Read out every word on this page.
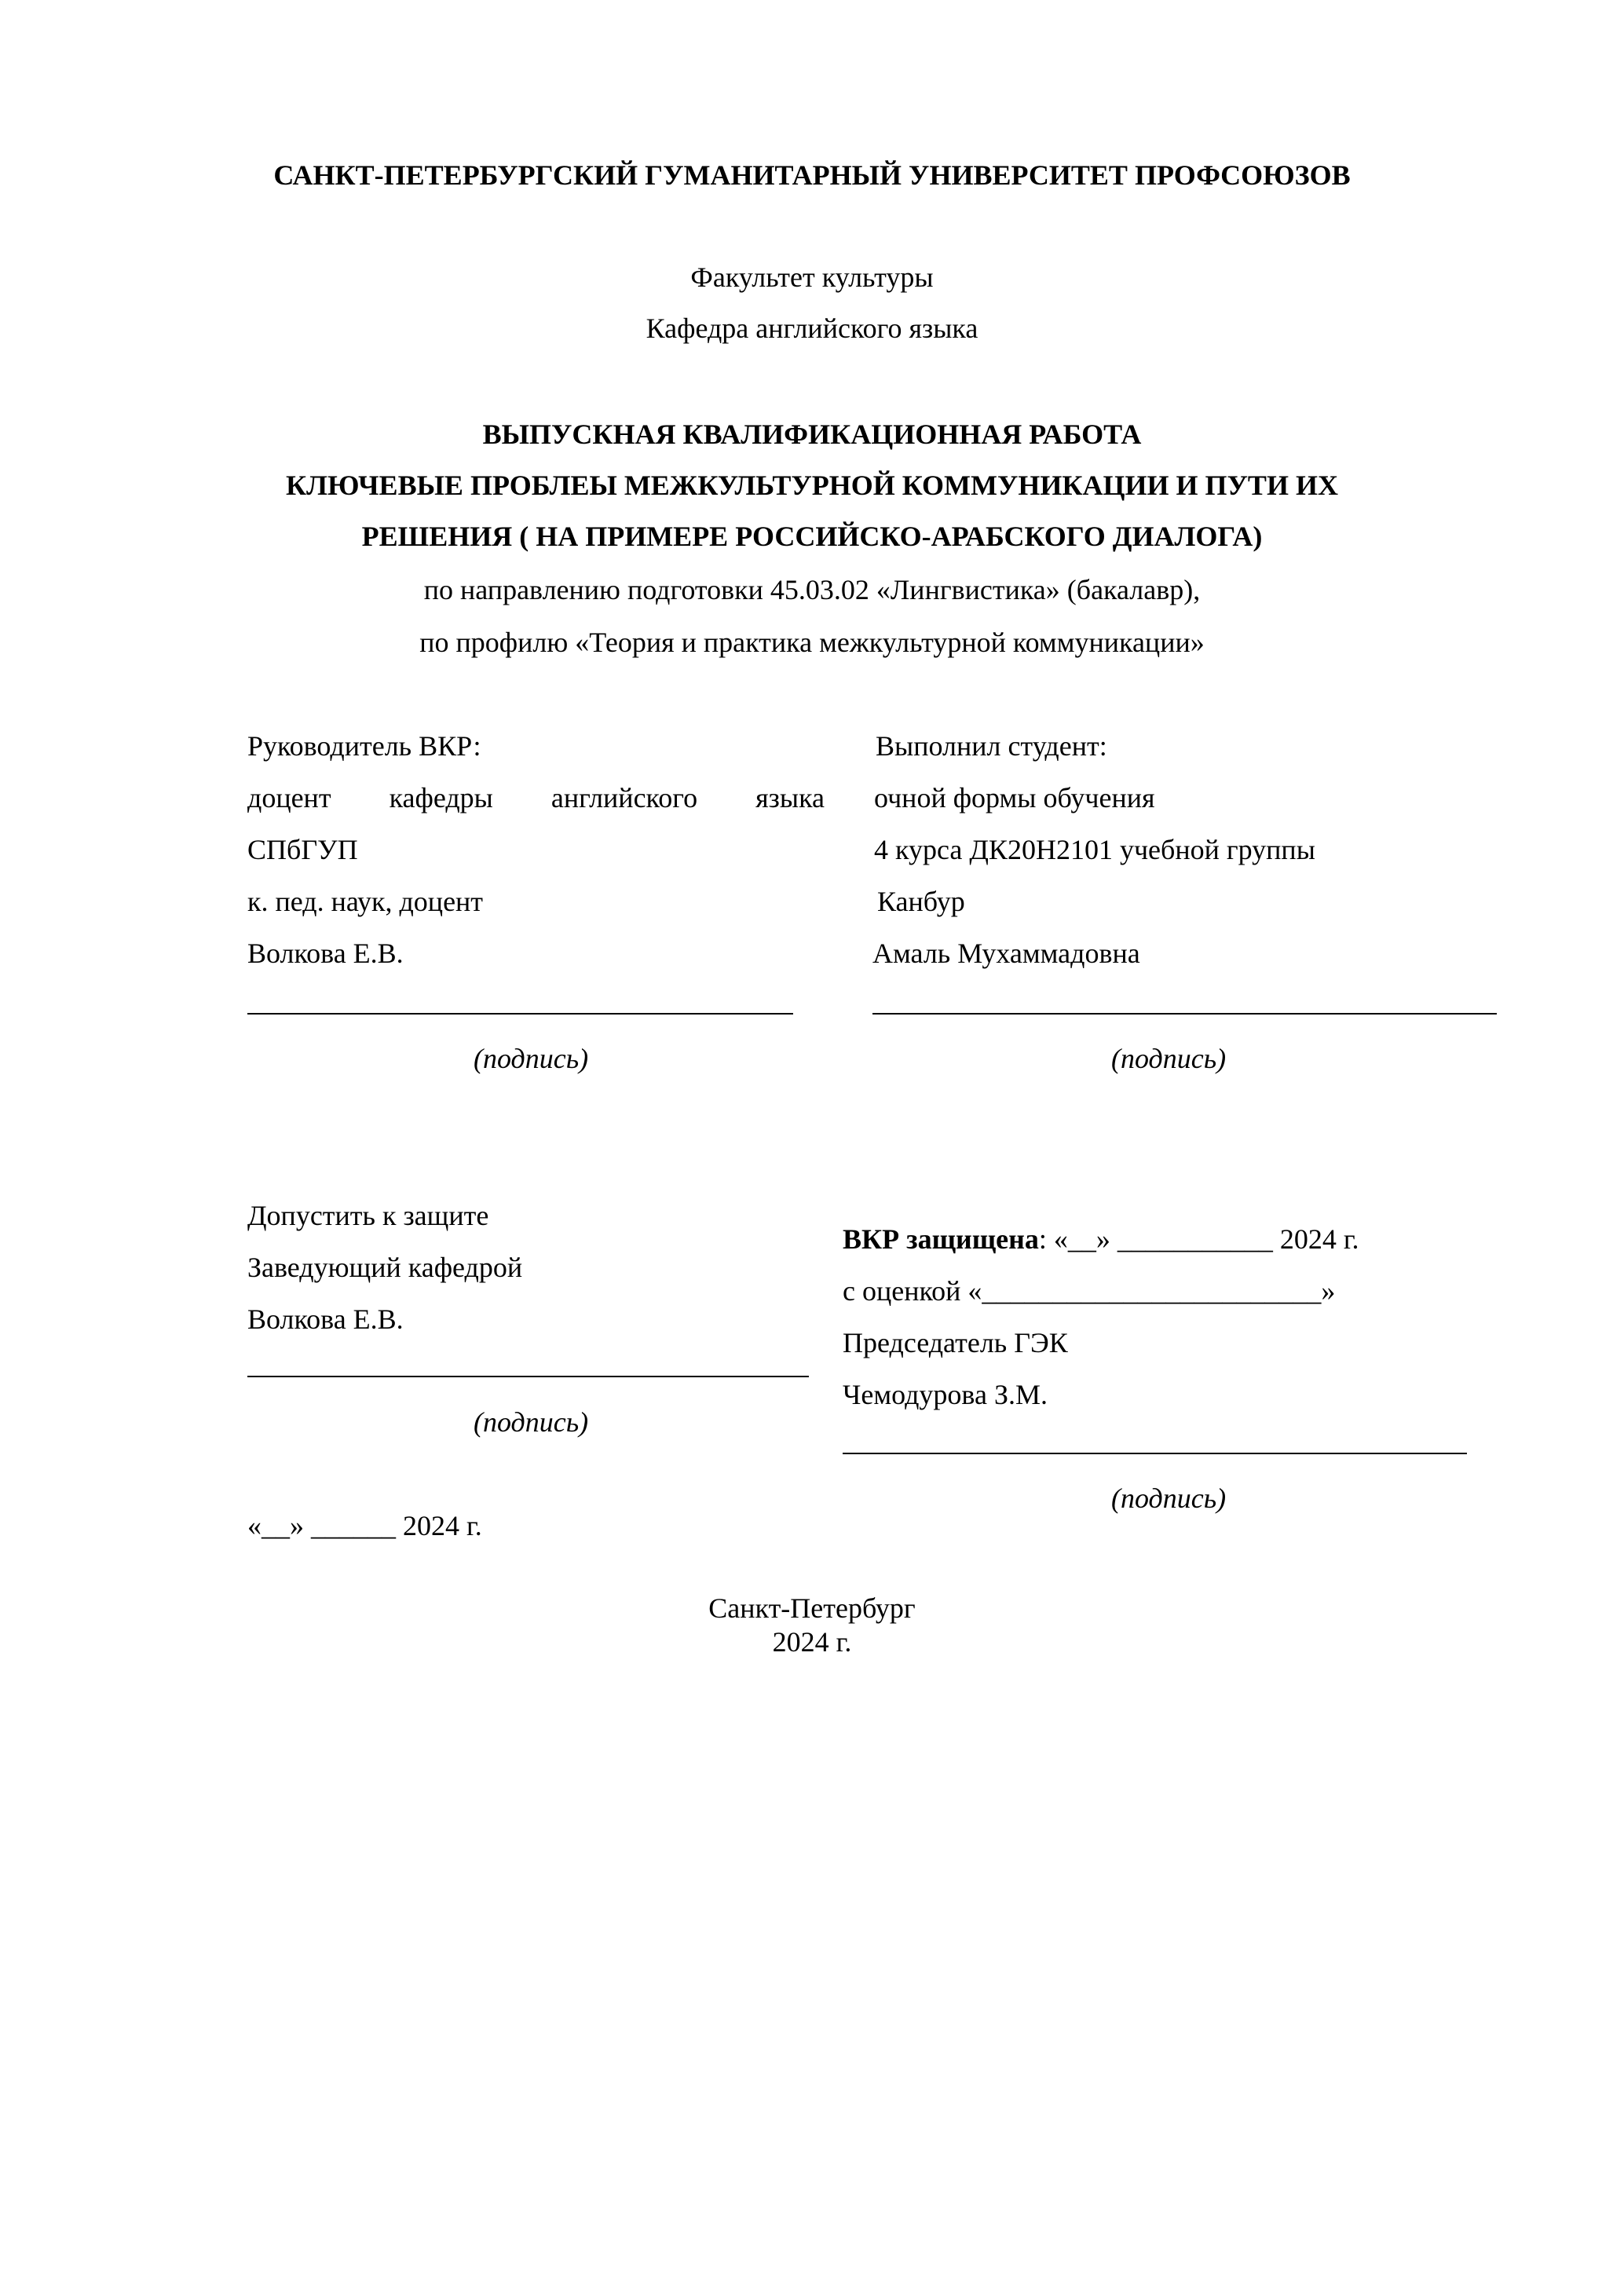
САНКТ-ПЕТЕРБУРГСКИЙ ГУМАНИТАРНЫЙ УНИВЕРСИТЕТ ПРОФСОЮЗОВ
Факультет культуры
Кафедра английского языка
ВЫПУСКНАЯ КВАЛИФИКАЦИОННАЯ РАБОТА
КЛЮЧЕВЫЕ ПРОБЛЕЫ МЕЖКУЛЬТУРНОЙ КОММУНИКАЦИИ И ПУТИ ИХ
РЕШЕНИЯ ( НА ПРИМЕРЕ РОССИЙСКО-АРАБСКОГО ДИАЛОГА)
по направлению подготовки 45.03.02 «Лингвистика» (бакалавр),
по профилю «Теория и практика межкультурной коммуникации»
Руководитель ВКР:
доцент кафедры английского языка
СПбГУП
к. пед. наук, доцент
Волкова Е.В.
(подпись)
Выполнил студент:
очной формы обучения
4 курса ДК20Н2101 учебной группы
Канбур
Амаль Мухаммадовна
(подпись)
Допустить к защите
Заведующий кафедрой
Волкова Е.В.
(подпись)
«__» ______ 2024 г.
ВКР защищена: «__» ___________ 2024 г.
с оценкой «________________________»
Председатель ГЭК
Чемодурова З.М.
(подпись)
Санкт-Петербург
2024 г.
